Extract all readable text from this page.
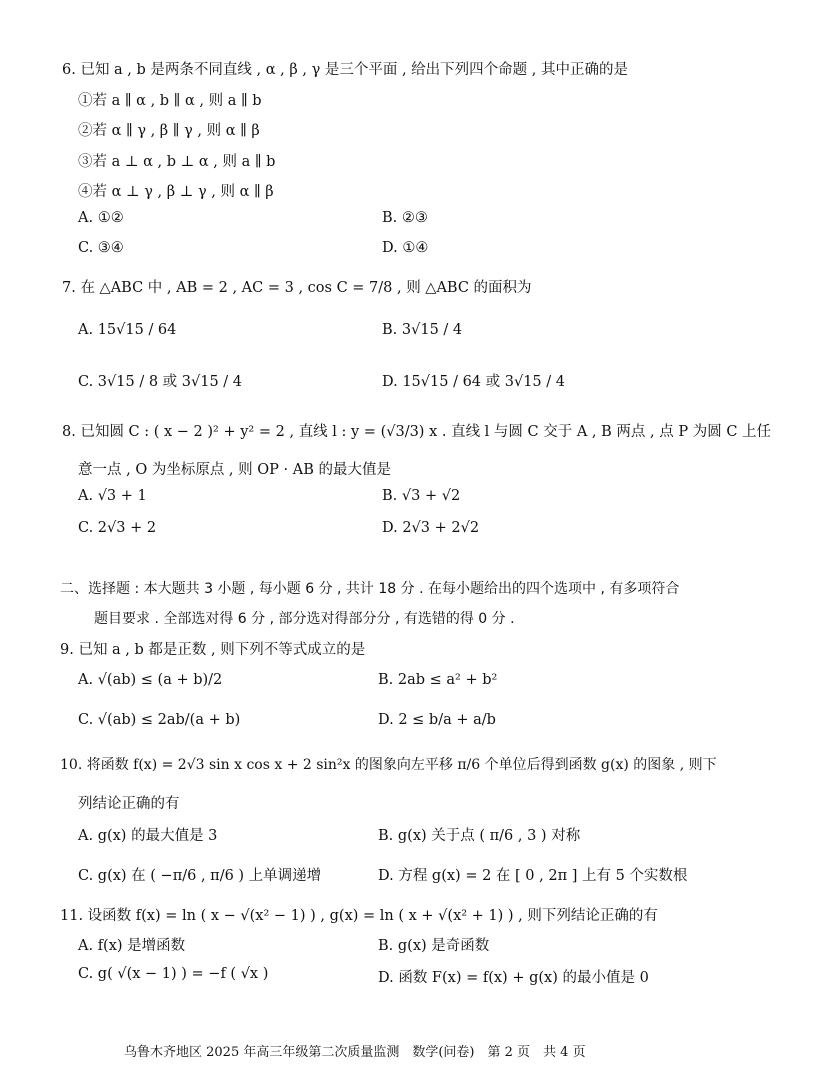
6. 已知 a , b 是两条不同直线 , α , β , γ 是三个平面 , 给出下列四个命题 , 其中正确的是
①若 a ∥ α , b ∥ α , 则 a ∥ b
②若 α ∥ γ , β ∥ γ , 则 α ∥ β
③若 a ⊥ α , b ⊥ α , 则 a ∥ b
④若 α ⊥ γ , β ⊥ γ , 则 α ∥ β
A. ①②	B. ②③
C. ③④	D. ①④
7. 在 △ABC 中 , AB = 2 , AC = 3 , cos C = 7/8 , 则 △ABC 的面积为
A. 15√15 / 64	B. 3√15 / 4
C. 3√15 / 8 或 3√15 / 4	D. 15√15 / 64 或 3√15 / 4
8. 已知圆 C : ( x − 2 )² + y² = 2 , 直线 l : y = (√3/3) x . 直线 l 与圆 C 交于 A , B 两点 , 点 P 为圆 C 上任
意一点 , O 为坐标原点 , 则 OP · AB 的最大值是
A. √3 + 1	B. √3 + √2
C. 2√3 + 2	D. 2√3 + 2√2
二、选择题 : 本大题共 3 小题 , 每小题 6 分 , 共计 18 分 . 在每小题给出的四个选项中 , 有多项符合
题目要求 . 全部选对得 6 分 , 部分选对得部分分 , 有选错的得 0 分 .
9. 已知 a , b 都是正数 , 则下列不等式成立的是
A. √(ab) ≤ (a + b)/2	B. 2ab ≤ a² + b²
C. √(ab) ≤ 2ab/(a + b)	D. 2 ≤ b/a + a/b
10. 将函数 f(x) = 2√3 sin x cos x + 2 sin²x 的图象向左平移 π/6 个单位后得到函数 g(x) 的图象 , 则下
列结论正确的有
A. g(x) 的最大值是 3	B. g(x) 关于点 ( π/6 , 3 ) 对称
C. g(x) 在 ( −π/6 , π/6 ) 上单调递增	D. 方程 g(x) = 2 在 [ 0 , 2π ] 上有 5 个实数根
11. 设函数 f(x) = ln ( x − √(x² − 1) ) , g(x) = ln ( x + √(x² + 1) ) , 则下列结论正确的有
A. f(x) 是增函数	B. g(x) 是奇函数
C. g( √(x − 1) ) = −f ( √x )	D. 函数 F(x) = f(x) + g(x) 的最小值是 0
乌鲁木齐地区 2025 年高三年级第二次质量监测　数学(问卷)　第 2 页　共 4 页
